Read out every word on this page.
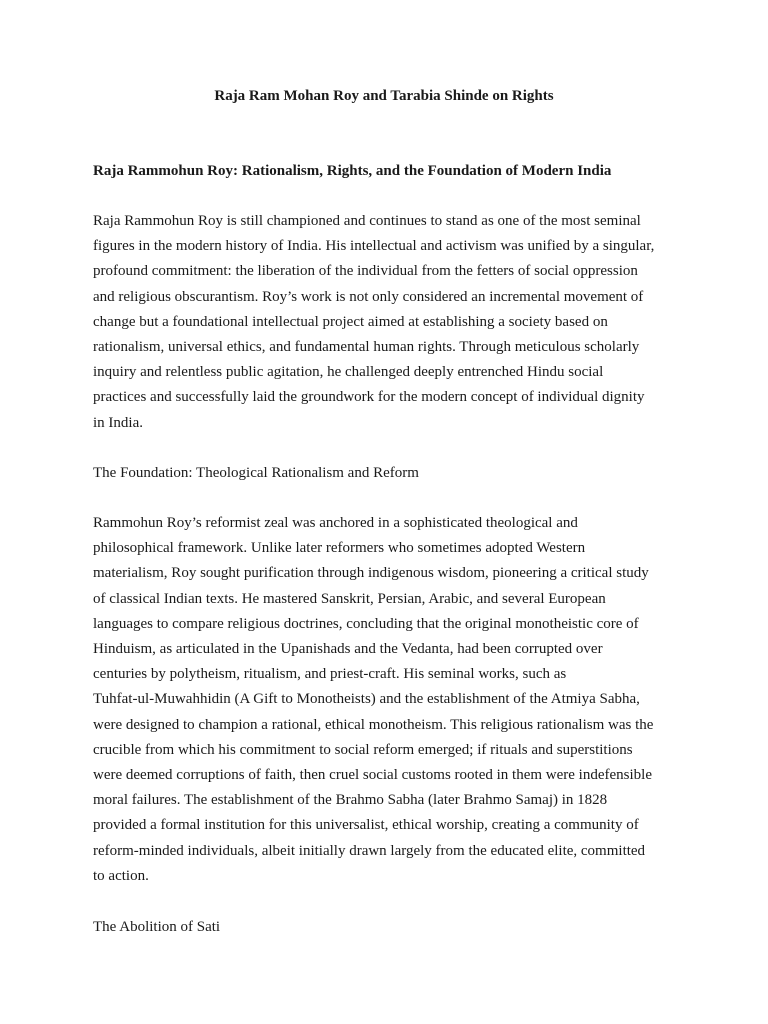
Raja Ram Mohan Roy and Tarabia Shinde on Rights
Raja Rammohun Roy: Rationalism, Rights, and the Foundation of Modern India

Raja Rammohun Roy is still championed and continues to stand as one of the most seminal
figures in the modern history of India. His intellectual and activism was unified by a singular,
profound commitment: the liberation of the individual from the fetters of social oppression
and religious obscurantism. Roy’s work is not only considered an incremental movement of
change but a foundational intellectual project aimed at establishing a society based on
rationalism, universal ethics, and fundamental human rights. Through meticulous scholarly
inquiry and relentless public agitation, he challenged deeply entrenched Hindu social
practices and successfully laid the groundwork for the modern concept of individual dignity
in India.

The Foundation: Theological Rationalism and Reform

Rammohun Roy’s reformist zeal was anchored in a sophisticated theological and
philosophical framework. Unlike later reformers who sometimes adopted Western
materialism, Roy sought purification through indigenous wisdom, pioneering a critical study
of classical Indian texts. He mastered Sanskrit, Persian, Arabic, and several European
languages to compare religious doctrines, concluding that the original monotheistic core of
Hinduism, as articulated in the Upanishads and the Vedanta, had been corrupted over
centuries by polytheism, ritualism, and priest-craft. His seminal works, such as
Tuhfat-ul-Muwahhidin (A Gift to Monotheists) and the establishment of the Atmiya Sabha,
were designed to champion a rational, ethical monotheism. This religious rationalism was the
crucible from which his commitment to social reform emerged; if rituals and superstitions
were deemed corruptions of faith, then cruel social customs rooted in them were indefensible
moral failures. The establishment of the Brahmo Sabha (later Brahmo Samaj) in 1828
provided a formal institution for this universalist, ethical worship, creating a community of
reform-minded individuals, albeit initially drawn largely from the educated elite, committed
to action.

The Abolition of Sati
